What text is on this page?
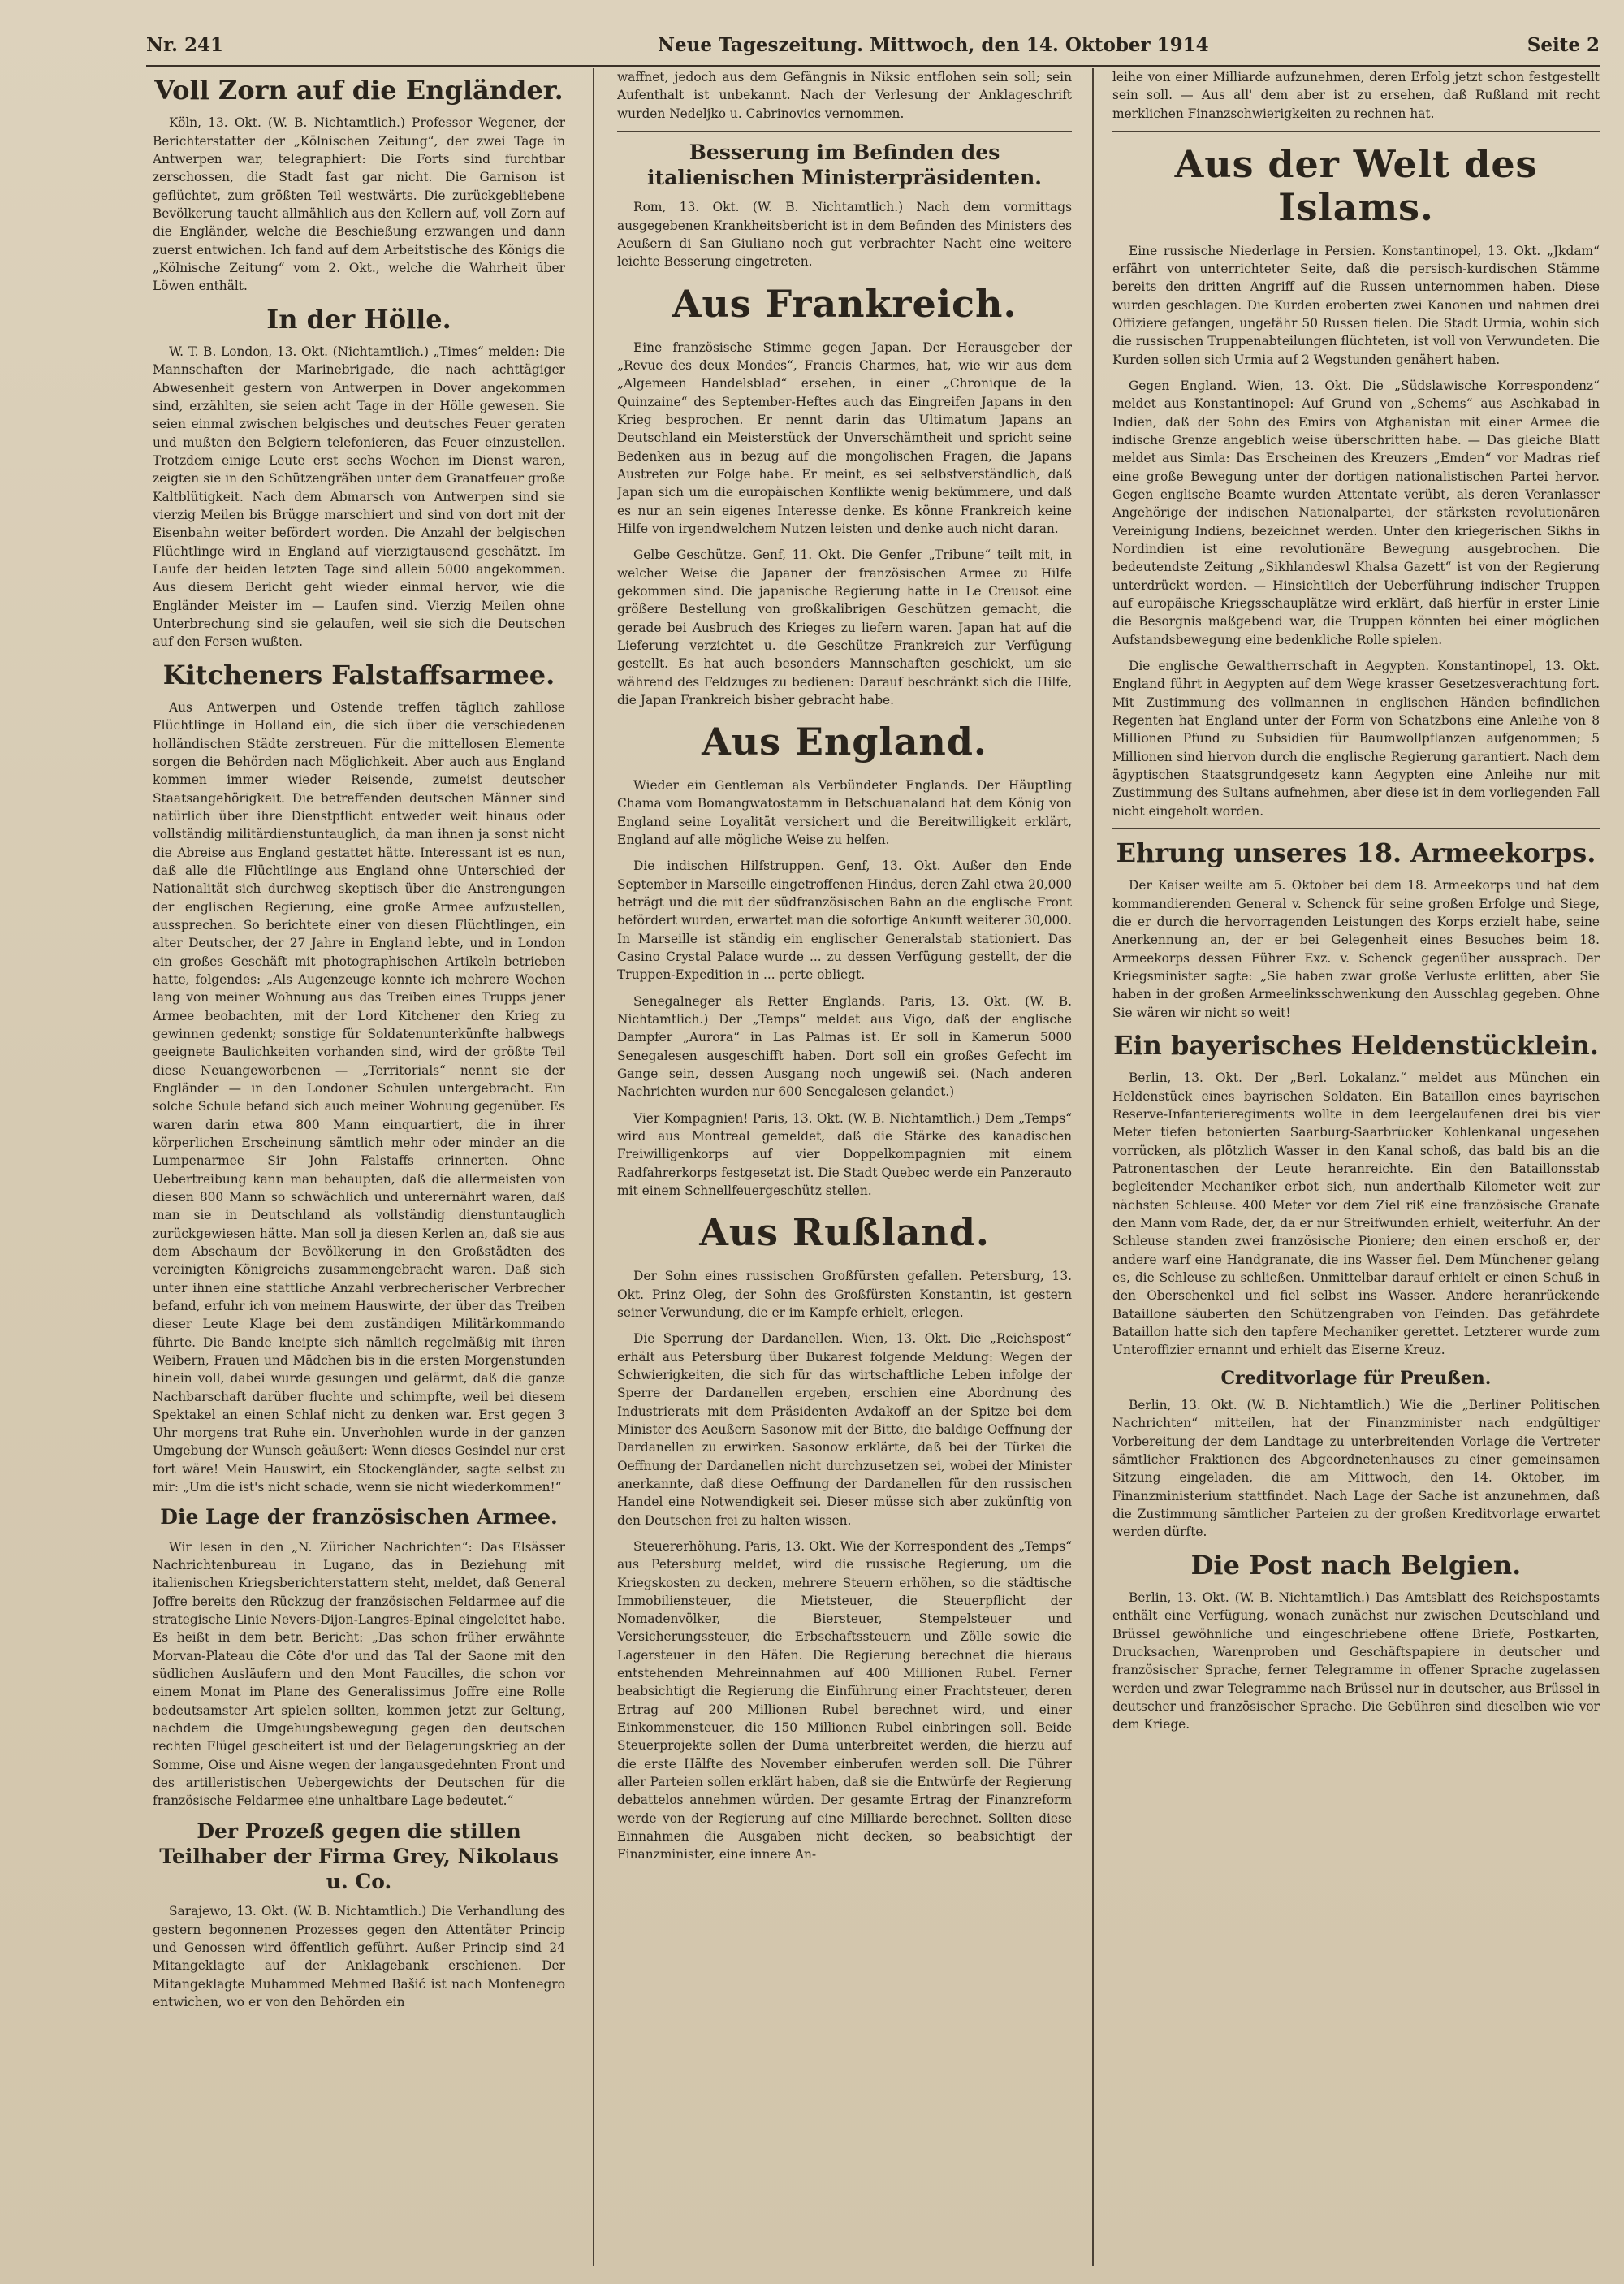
Nr. 241	Neue Tageszeitung. Mittwoch, den 14. Oktober 1914	Seite 2
Voll Zorn auf die Engländer.

Köln, 13. Okt. (W. B. Nichtamtlich.) Professor Wegener, der Berichterstatter der „Kölnischen Zeitung“, der zwei Tage in Antwerpen war, telegraphiert: Die Forts sind furchtbar zerschossen, die Stadt fast gar nicht. Die Garnison ist geflüchtet, zum größten Teil westwärts. Die zurückgebliebene Bevölkerung taucht allmählich aus den Kellern auf, voll Zorn auf die Engländer, welche die Beschießung erzwangen und dann zuerst entwichen. Ich fand auf dem Arbeitstische des Königs die „Kölnische Zeitung“ vom 2. Okt., welche die Wahrheit über Löwen enthält.

In der Hölle.

W. T. B. London, 13. Okt. (Nichtamtlich.) „Times“ melden: Die Mannschaften der Marinebrigade, die nach achttägiger Abwesenheit gestern von Antwerpen in Dover angekommen sind, erzählten, sie seien acht Tage in der Hölle gewesen. Sie seien einmal zwischen belgisches und deutsches Feuer geraten und mußten den Belgiern telefonieren, das Feuer einzustellen. Trotzdem einige Leute erst sechs Wochen im Dienst waren, zeigten sie in den Schützengräben unter dem Granatfeuer große Kaltblütigkeit. Nach dem Abmarsch von Antwerpen sind sie vierzig Meilen bis Brügge marschiert und sind von dort mit der Eisenbahn weiter befördert worden. Die Anzahl der belgischen Flüchtlinge wird in England auf vierzigtausend geschätzt. Im Laufe der beiden letzten Tage sind allein 5000 angekommen. Aus diesem Bericht geht wieder einmal hervor, wie die Engländer Meister im — Laufen sind. Vierzig Meilen ohne Unterbrechung sind sie gelaufen, weil sie sich die Deutschen auf den Fersen wußten.

Kitcheners Falstaffsarmee.

Aus Antwerpen und Ostende treffen täglich zahllose Flüchtlinge in Holland ein, die sich über die verschiedenen holländischen Städte zerstreuen. Für die mittellosen Elemente sorgen die Behörden nach Möglichkeit. Aber auch aus England kommen immer wieder Reisende, zumeist deutscher Staatsangehörigkeit. Die betreffenden deutschen Männer sind natürlich über ihre Dienstpflicht entweder weit hinaus oder vollständig militärdienstuntauglich, da man ihnen ja sonst nicht die Abreise aus England gestattet hätte. Interessant ist es nun, daß alle die Flüchtlinge aus England ohne Unterschied der Nationalität sich durchweg skeptisch über die Anstrengungen der englischen Regierung, eine große Armee aufzustellen, aussprechen. So berichtete einer von diesen Flüchtlingen, ein alter Deutscher, der 27 Jahre in England lebte, und in London ein großes Geschäft mit photographischen Artikeln betrieben hatte, folgendes: „Als Augenzeuge konnte ich mehrere Wochen lang von meiner Wohnung aus das Treiben eines Trupps jener Armee beobachten, mit der Lord Kitchener den Krieg zu gewinnen gedenkt; sonstige für Soldatenunterkünfte halbwegs geeignete Baulichkeiten vorhanden sind, wird der größte Teil diese Neuangeworbenen — „Territorials“ nennt sie der Engländer — in den Londoner Schulen untergebracht. Ein solche Schule befand sich auch meiner Wohnung gegenüber. Es waren darin etwa 800 Mann einquartiert, die in ihrer körperlichen Erscheinung sämtlich mehr oder minder an die Lumpenarmee Sir John Falstaffs erinnerten. Ohne Uebertreibung kann man behaupten, daß die allermeisten von diesen 800 Mann so schwächlich und unterernährt waren, daß man sie in Deutschland als vollständig dienstuntauglich zurückgewiesen hätte. Man soll ja diesen Kerlen an, daß sie aus dem Abschaum der Bevölkerung in den Großstädten des vereinigten Königreichs zusammengebracht waren. Daß sich unter ihnen eine stattliche Anzahl verbrecherischer Verbrecher befand, erfuhr ich von meinem Hauswirte, der über das Treiben dieser Leute Klage bei dem zuständigen Militärkommando führte. Die Bande kneipte sich nämlich regelmäßig mit ihren Weibern, Frauen und Mädchen bis in die ersten Morgenstunden hinein voll, dabei wurde gesungen und gelärmt, daß die ganze Nachbarschaft darüber fluchte und schimpfte, weil bei diesem Spektakel an einen Schlaf nicht zu denken war. Erst gegen 3 Uhr morgens trat Ruhe ein. Unverhohlen wurde in der ganzen Umgebung der Wunsch geäußert: Wenn dieses Gesindel nur erst fort wäre! Mein Hauswirt, ein Stockengländer, sagte selbst zu mir: „Um die ist's nicht schade, wenn sie nicht wiederkommen!“

Die Lage der französischen Armee.

Wir lesen in den „N. Züricher Nachrichten“: Das Elsässer Nachrichtenbureau in Lugano, das in Beziehung mit italienischen Kriegsberichterstattern steht, meldet, daß General Joffre bereits den Rückzug der französischen Feldarmee auf die strategische Linie Nevers-Dijon-Langres-Epinal eingeleitet habe. Es heißt in dem betr. Bericht: „Das schon früher erwähnte Morvan-Plateau die Côte d'or und das Tal der Saone mit den südlichen Ausläufern und den Mont Faucilles, die schon vor einem Monat im Plane des Generalissimus Joffre eine Rolle bedeutsamster Art spielen sollten, kommen jetzt zur Geltung, nachdem die Umgehungsbewegung gegen den deutschen rechten Flügel gescheitert ist und der Belagerungskrieg an der Somme, Oise und Aisne wegen der langausgedehnten Front und des artilleristischen Uebergewichts der Deutschen für die französische Feldarmee eine unhaltbare Lage bedeutet.“

Der Prozeß gegen die stillen Teilhaber der Firma Grey, Nikolaus u. Co.

Sarajewo, 13. Okt. (W. B. Nichtamtlich.) Die Verhandlung des gestern begonnenen Prozesses gegen den Attentäter Princip und Genossen wird öffentlich geführt. Außer Princip sind 24 Mitangeklagte auf der Anklagebank erschienen. Der Mitangeklagte Muhammed Mehmed Bašić ist nach Montenegro entwichen, wo er von den Behörden ein

waffnet, jedoch aus dem Gefängnis in Niksic entflohen sein soll; sein Aufenthalt ist unbekannt. Nach der Verlesung der Anklageschrift wurden Nedeljko u. Cabrinovics vernommen.

Besserung im Befinden des italienischen Ministerpräsidenten.

Rom, 13. Okt. (W. B. Nichtamtlich.) Nach dem vormittags ausgegebenen Krankheitsbericht ist in dem Befinden des Ministers des Aeußern di San Giuliano noch gut verbrachter Nacht eine weitere leichte Besserung eingetreten.

Aus Frankreich.

Eine französische Stimme gegen Japan. Der Herausgeber der „Revue des deux Mondes“, Francis Charmes, hat, wie wir aus dem „Algemeen Handelsblad“ ersehen, in einer „Chronique de la Quinzaine“ des September-Heftes auch das Eingreifen Japans in den Krieg besprochen. Er nennt darin das Ultimatum Japans an Deutschland ein Meisterstück der Unverschämtheit und spricht seine Bedenken aus in bezug auf die mongolischen Fragen, die Japans Austreten zur Folge habe. Er meint, es sei selbstverständlich, daß Japan sich um die europäischen Konflikte wenig bekümmere, und daß es nur an sein eigenes Interesse denke. Es könne Frankreich keine Hilfe von irgendwelchem Nutzen leisten und denke auch nicht daran.

Gelbe Geschütze. Genf, 11. Okt. Die Genfer „Tribune“ teilt mit, in welcher Weise die Japaner der französischen Armee zu Hilfe gekommen sind. Die japanische Regierung hatte in Le Creusot eine größere Bestellung von großkalibrigen Geschützen gemacht, die gerade bei Ausbruch des Krieges zu liefern waren. Japan hat auf die Lieferung verzichtet u. die Geschütze Frankreich zur Verfügung gestellt. Es hat auch besonders Mannschaften geschickt, um sie während des Feldzuges zu bedienen: Darauf beschränkt sich die Hilfe, die Japan Frankreich bisher gebracht habe.

Aus England.

Wieder ein Gentleman als Verbündeter Englands. Der Häuptling Chama vom Bomangwatostamm in Betschuanaland hat dem König von England seine Loyalität versichert und die Bereitwilligkeit erklärt, England auf alle mögliche Weise zu helfen.

Die indischen Hilfstruppen. Genf, 13. Okt. Außer den Ende September in Marseille eingetroffenen Hindus, deren Zahl etwa 20,000 beträgt und die mit der südfranzösischen Bahn an die englische Front befördert wurden, erwartet man die sofortige Ankunft weiterer 30,000. In Marseille ist ständig ein englischer Generalstab stationiert. Das Casino Crystal Palace wurde ... zu dessen Verfügung gestellt, der die Truppen-Expedition in ... perte obliegt.

Senegalneger als Retter Englands. Paris, 13. Okt. (W. B. Nichtamtlich.) Der „Temps“ meldet aus Vigo, daß der englische Dampfer „Aurora“ in Las Palmas ist. Er soll in Kamerun 5000 Senegalesen ausgeschifft haben. Dort soll ein großes Gefecht im Gange sein, dessen Ausgang noch ungewiß sei. (Nach anderen Nachrichten wurden nur 600 Senegalesen gelandet.)

Vier Kompagnien! Paris, 13. Okt. (W. B. Nichtamtlich.) Dem „Temps“ wird aus Montreal gemeldet, daß die Stärke des kanadischen Freiwilligenkorps auf vier Doppelkompagnien mit einem Radfahrerkorps festgesetzt ist. Die Stadt Quebec werde ein Panzerauto mit einem Schnellfeuergeschütz stellen.

Aus Rußland.

Der Sohn eines russischen Großfürsten gefallen. Petersburg, 13. Okt. Prinz Oleg, der Sohn des Großfürsten Konstantin, ist gestern seiner Verwundung, die er im Kampfe erhielt, erlegen.

Die Sperrung der Dardanellen. Wien, 13. Okt. Die „Reichspost“ erhält aus Petersburg über Bukarest folgende Meldung: Wegen der Schwierigkeiten, die sich für das wirtschaftliche Leben infolge der Sperre der Dardanellen ergeben, erschien eine Abordnung des Industrierats mit dem Präsidenten Avdakoff an der Spitze bei dem Minister des Aeußern Sasonow mit der Bitte, die baldige Oeffnung der Dardanellen zu erwirken. Sasonow erklärte, daß bei der Türkei die Oeffnung der Dardanellen nicht durchzusetzen sei, wobei der Minister anerkannte, daß diese Oeffnung der Dardanellen für den russischen Handel eine Notwendigkeit sei. Dieser müsse sich aber zukünftig von den Deutschen frei zu halten wissen.

Steuererhöhung. Paris, 13. Okt. Wie der Korrespondent des „Temps“ aus Petersburg meldet, wird die russische Regierung, um die Kriegskosten zu decken, mehrere Steuern erhöhen, so die städtische Immobiliensteuer, die Mietsteuer, die Steuerpflicht der Nomadenvölker, die Biersteuer, Stempelsteuer und Versicherungssteuer, die Erbschaftssteuern und Zölle sowie die Lagersteuer in den Häfen. Die Regierung berechnet die hieraus entstehenden Mehreinnahmen auf 400 Millionen Rubel. Ferner beabsichtigt die Regierung die Einführung einer Frachtsteuer, deren Ertrag auf 200 Millionen Rubel berechnet wird, und einer Einkommensteuer, die 150 Millionen Rubel einbringen soll. Beide Steuerprojekte sollen der Duma unterbreitet werden, die hierzu auf die erste Hälfte des November einberufen werden soll. Die Führer aller Parteien sollen erklärt haben, daß sie die Entwürfe der Regierung debattelos annehmen würden. Der gesamte Ertrag der Finanzreform werde von der Regierung auf eine Milliarde berechnet. Sollten diese Einnahmen die Ausgaben nicht decken, so beabsichtigt der Finanzminister, eine innere An-

leihe von einer Milliarde aufzunehmen, deren Erfolg jetzt schon festgestellt sein soll. — Aus all' dem aber ist zu ersehen, daß Rußland mit recht merklichen Finanzschwierigkeiten zu rechnen hat.

Aus der Welt des Islams.

Eine russische Niederlage in Persien. Konstantinopel, 13. Okt. „Jkdam“ erfährt von unterrichteter Seite, daß die persisch-kurdischen Stämme bereits den dritten Angriff auf die Russen unternommen haben. Diese wurden geschlagen. Die Kurden eroberten zwei Kanonen und nahmen drei Offiziere gefangen, ungefähr 50 Russen fielen. Die Stadt Urmia, wohin sich die russischen Truppenabteilungen flüchteten, ist voll von Verwundeten. Die Kurden sollen sich Urmia auf 2 Wegstunden genähert haben.

Gegen England. Wien, 13. Okt. Die „Südslawische Korrespondenz“ meldet aus Konstantinopel: Auf Grund von „Schems“ aus Aschkabad in Indien, daß der Sohn des Emirs von Afghanistan mit einer Armee die indische Grenze angeblich weise überschritten habe. — Das gleiche Blatt meldet aus Simla: Das Erscheinen des Kreuzers „Emden“ vor Madras rief eine große Bewegung unter der dortigen nationalistischen Partei hervor. Gegen englische Beamte wurden Attentate verübt, als deren Veranlasser Angehörige der indischen Nationalpartei, der stärksten revolutionären Vereinigung Indiens, bezeichnet werden. Unter den kriegerischen Sikhs in Nordindien ist eine revolutionäre Bewegung ausgebrochen. Die bedeutendste Zeitung „Sikhlandeswl Khalsa Gazett“ ist von der Regierung unterdrückt worden. — Hinsichtlich der Ueberführung indischer Truppen auf europäische Kriegsschauplätze wird erklärt, daß hierfür in erster Linie die Besorgnis maßgebend war, die Truppen könnten bei einer möglichen Aufstandsbewegung eine bedenkliche Rolle spielen.

Die englische Gewaltherrschaft in Aegypten. Konstantinopel, 13. Okt. England führt in Aegypten auf dem Wege krasser Gesetzesverachtung fort. Mit Zustimmung des vollmannen in englischen Händen befindlichen Regenten hat England unter der Form von Schatzbons eine Anleihe von 8 Millionen Pfund zu Subsidien für Baumwollpflanzen aufgenommen; 5 Millionen sind hiervon durch die englische Regierung garantiert. Nach dem ägyptischen Staatsgrundgesetz kann Aegypten eine Anleihe nur mit Zustimmung des Sultans aufnehmen, aber diese ist in dem vorliegenden Fall nicht eingeholt worden.

Ehrung unseres 18. Armeekorps.

Der Kaiser weilte am 5. Oktober bei dem 18. Armeekorps und hat dem kommandierenden General v. Schenck für seine großen Erfolge und Siege, die er durch die hervorragenden Leistungen des Korps erzielt habe, seine Anerkennung an, der er bei Gelegenheit eines Besuches beim 18. Armeekorps dessen Führer Exz. v. Schenck gegenüber aussprach. Der Kriegsminister sagte: „Sie haben zwar große Verluste erlitten, aber Sie haben in der großen Armeelinksschwenkung den Ausschlag gegeben. Ohne Sie wären wir nicht so weit!

Ein bayerisches Heldenstücklein.

Berlin, 13. Okt. Der „Berl. Lokalanz.“ meldet aus München ein Heldenstück eines bayrischen Soldaten. Ein Bataillon eines bayrischen Reserve-Infanterieregiments wollte in dem leergelaufenen drei bis vier Meter tiefen betonierten Saarburg-Saarbrücker Kohlenkanal ungesehen vorrücken, als plötzlich Wasser in den Kanal schoß, das bald bis an die Patronentaschen der Leute heranreichte. Ein den Bataillonsstab begleitender Mechaniker erbot sich, nun anderthalb Kilometer weit zur nächsten Schleuse. 400 Meter vor dem Ziel riß eine französische Granate den Mann vom Rade, der, da er nur Streifwunden erhielt, weiterfuhr. An der Schleuse standen zwei französische Pioniere; den einen erschoß er, der andere warf eine Handgranate, die ins Wasser fiel. Dem Münchener gelang es, die Schleuse zu schließen. Unmittelbar darauf erhielt er einen Schuß in den Oberschenkel und fiel selbst ins Wasser. Andere heranrückende Bataillone säuberten den Schützengraben von Feinden. Das gefährdete Bataillon hatte sich den tapfere Mechaniker gerettet. Letzterer wurde zum Unteroffizier ernannt und erhielt das Eiserne Kreuz.

Creditvorlage für Preußen.

Berlin, 13. Okt. (W. B. Nichtamtlich.) Wie die „Berliner Politischen Nachrichten“ mitteilen, hat der Finanzminister nach endgültiger Vorbereitung der dem Landtage zu unterbreitenden Vorlage die Vertreter sämtlicher Fraktionen des Abgeordnetenhauses zu einer gemeinsamen Sitzung eingeladen, die am Mittwoch, den 14. Oktober, im Finanzministerium stattfindet. Nach Lage der Sache ist anzunehmen, daß die Zustimmung sämtlicher Parteien zu der großen Kreditvorlage erwartet werden dürfte.

Die Post nach Belgien.

Berlin, 13. Okt. (W. B. Nichtamtlich.) Das Amtsblatt des Reichspostamts enthält eine Verfügung, wonach zunächst nur zwischen Deutschland und Brüssel gewöhnliche und eingeschriebene offene Briefe, Postkarten, Drucksachen, Warenproben und Geschäftspapiere in deutscher und französischer Sprache, ferner Telegramme in offener Sprache zugelassen werden und zwar Telegramme nach Brüssel nur in deutscher, aus Brüssel in deutscher und französischer Sprache. Die Gebühren sind dieselben wie vor dem Kriege.
